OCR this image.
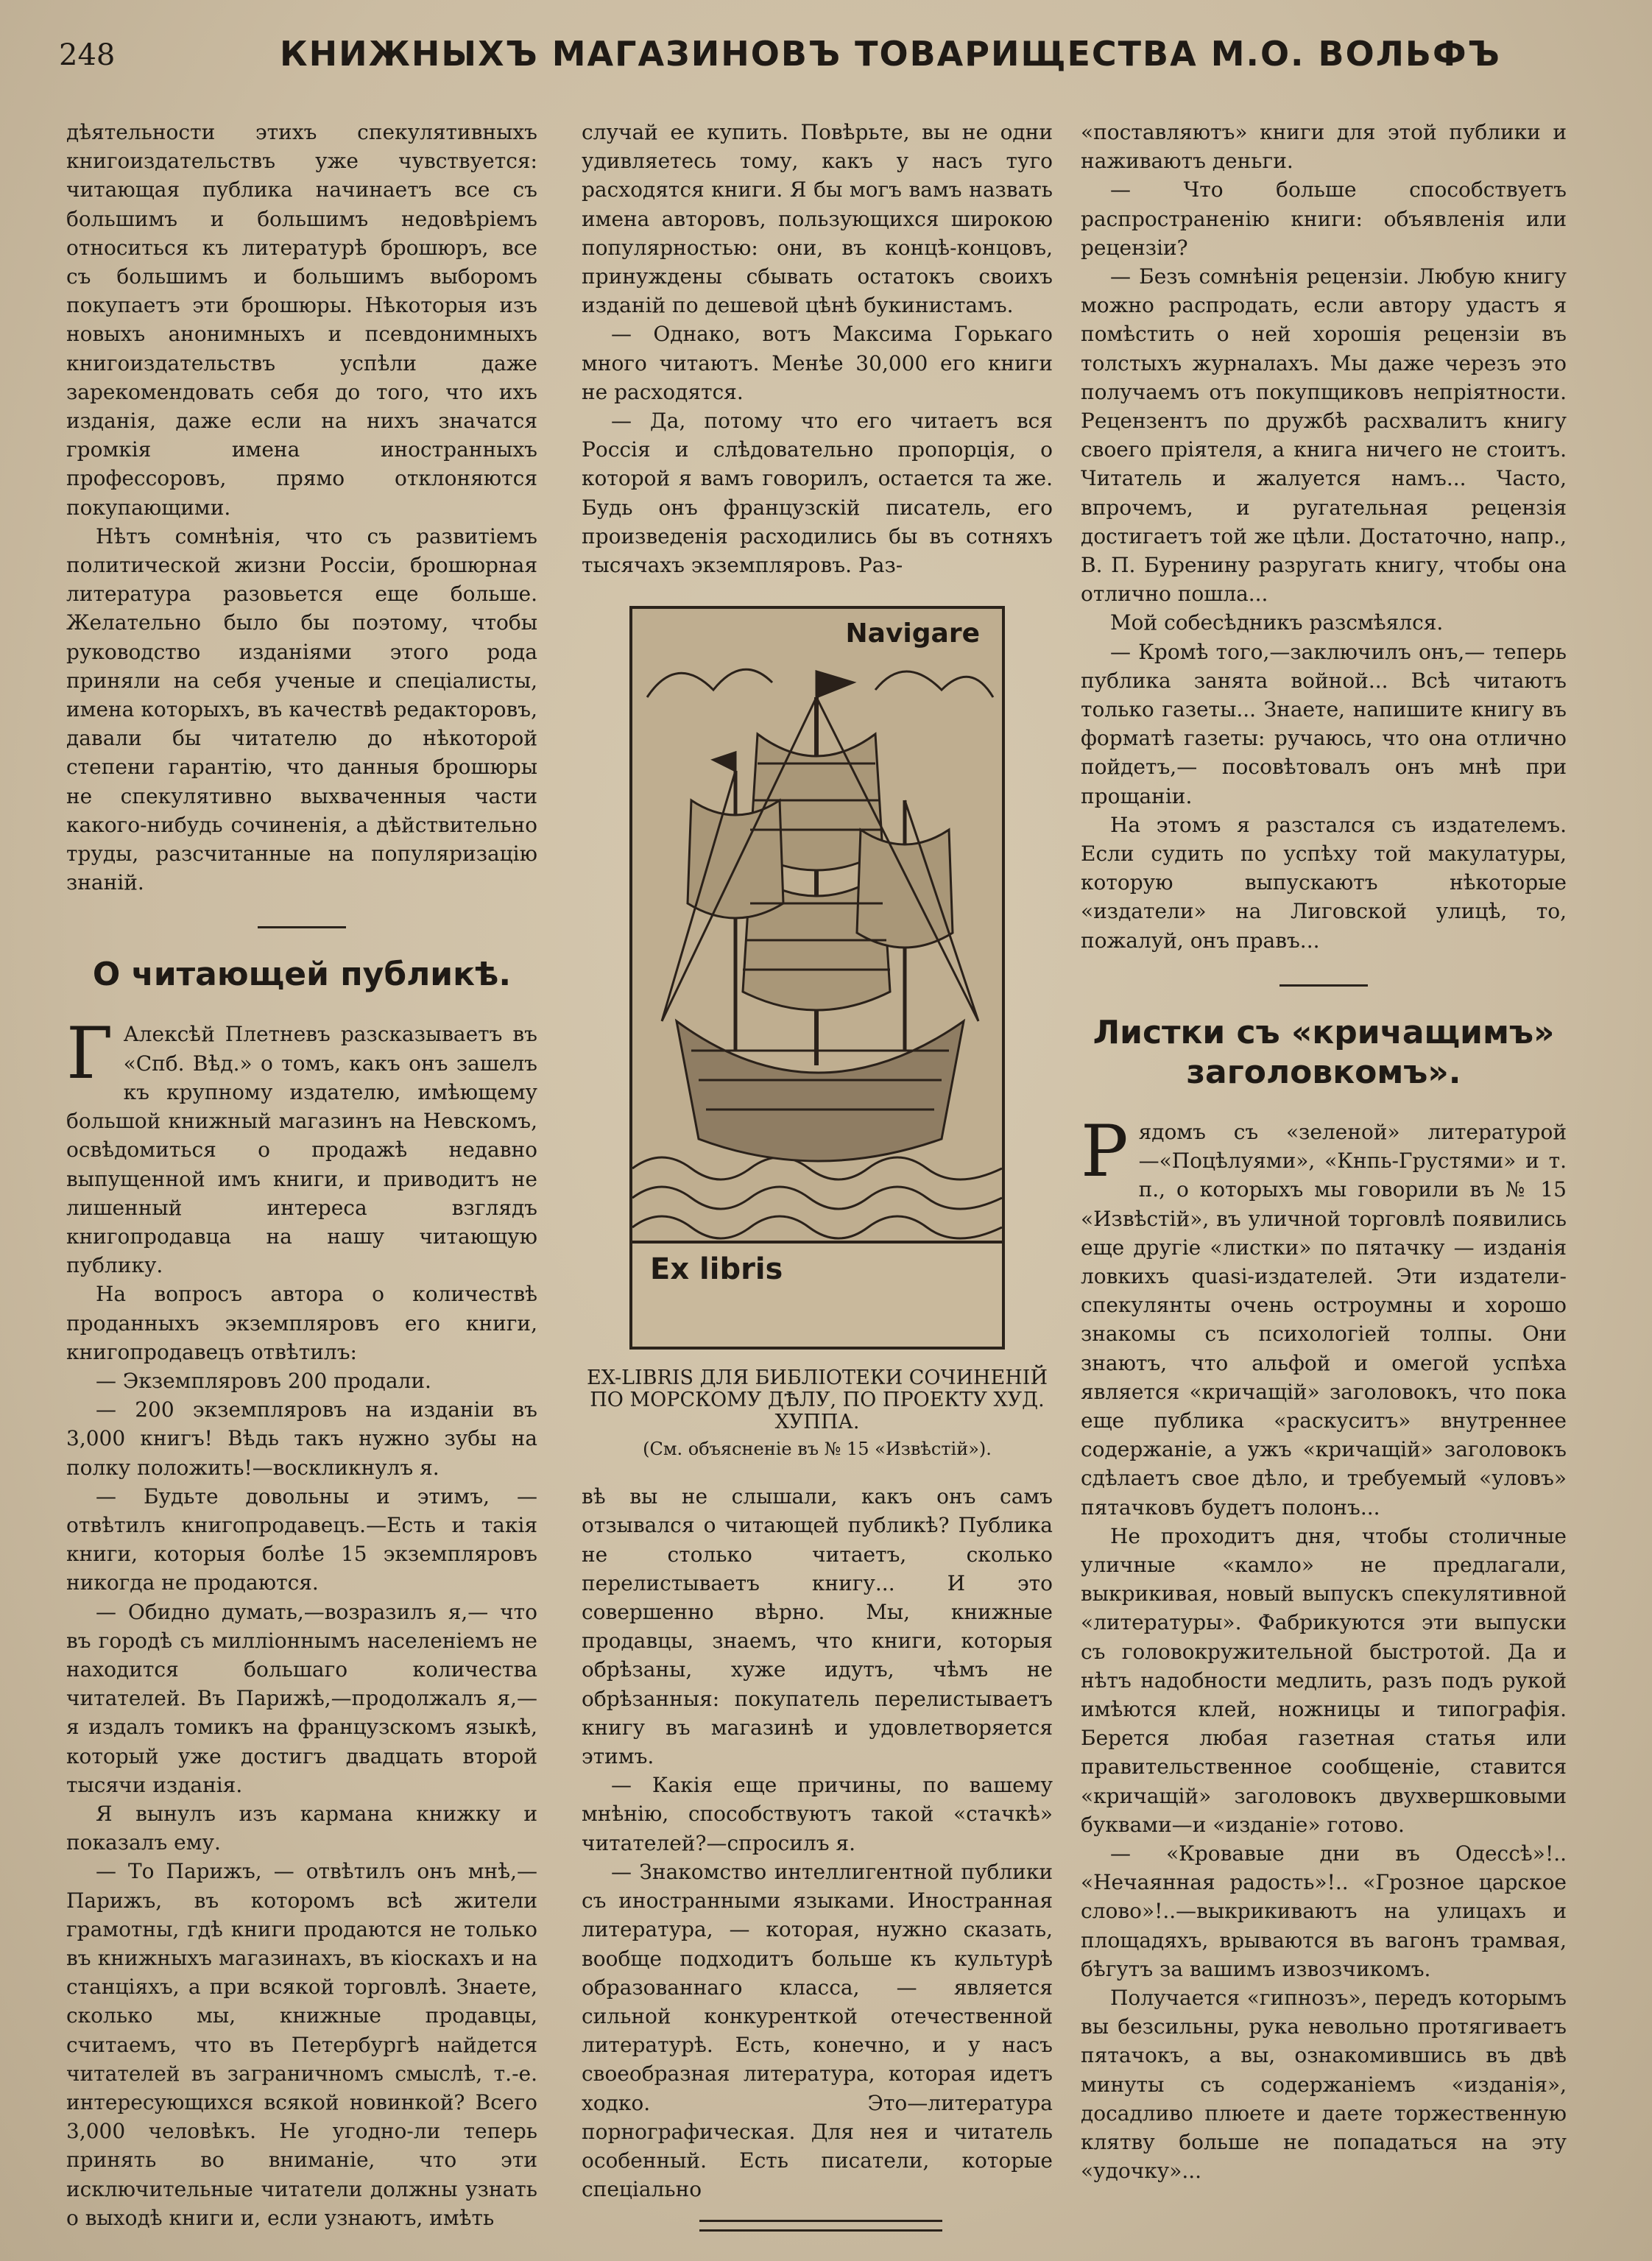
248	КНИЖНЫХЪ МАГАЗИНОВЪ ТОВАРИЩЕСТВА М.О. ВОЛЬФЪ

дѣятельности этихъ спекулятивныхъ книгоиздательствъ уже чувствуется: читающая публика начинаетъ все съ большимъ и большимъ недовѣріемъ относиться къ литературѣ брошюръ, все съ большимъ и большимъ выборомъ покупаетъ эти брошюры. Нѣкоторыя изъ новыхъ анонимныхъ и псевдонимныхъ книгоиздательствъ успѣли даже зарекомендовать себя до того, что ихъ изданія, даже если на нихъ значатся громкія имена иностранныхъ профессоровъ, прямо отклоняются покупающими.

Нѣтъ сомнѣнія, что съ развитіемъ политической жизни Россіи, брошюрная литература разовьется еще больше. Желательно было бы поэтому, чтобы руководство изданіями этого рода приняли на себя ученые и спеціалисты, имена которыхъ, въ качествѣ редакторовъ, давали бы читателю до нѣкоторой степени гарантію, что данныя брошюры не спекулятивно выхваченныя части какого-нибудь сочиненія, а дѣйствительно труды, разсчитанные на популяризацію знаній.

О читающей публикѣ.

Г Алексѣй Плетневъ разсказываетъ въ «Спб. Вѣд.» о томъ, какъ онъ зашелъ къ крупному издателю, имѣющему большой книжный магазинъ на Невскомъ, освѣдомиться о продажѣ недавно выпущенной имъ книги, и приводитъ не лишенный интереса взглядъ книгопродавца на нашу читающую публику.

На вопросъ автора о количествѣ проданныхъ экземпляровъ его книги, книгопродавецъ отвѣтилъ:

— Экземпляровъ 200 продали.

— 200 экземпляровъ на изданіи въ 3,000 книгъ! Вѣдь такъ нужно зубы на полку положить!—воскликнулъ я.

— Будьте довольны и этимъ, — отвѣтилъ книгопродавецъ.—Есть и такія книги, которыя болѣе 15 экземпляровъ никогда не продаются.

— Обидно думать,—возразилъ я,— что въ городѣ съ милліоннымъ населеніемъ не находится большаго количества читателей. Въ Парижѣ,—продолжалъ я,—я издалъ томикъ на французскомъ языкѣ, который уже достигъ двадцать второй тысячи изданія.

Я вынулъ изъ кармана книжку и показалъ ему.

— То Парижъ, — отвѣтилъ онъ мнѣ,—Парижъ, въ которомъ всѣ жители грамотны, гдѣ книги продаются не только въ книжныхъ магазинахъ, въ кіоскахъ и на станціяхъ, а при всякой торговлѣ. Знаете, сколько мы, книжные продавцы, считаемъ, что въ Петербургѣ найдется читателей въ заграничномъ смыслѣ, т.-е. интересующихся всякой новинкой? Всего 3,000 человѣкъ. Не угодно-ли теперь принять во вниманіе, что эти исключительные читатели должны узнать о выходѣ книги и, если узнаютъ, имѣть

случай ее купить. Повѣрьте, вы не одни удивляетесь тому, какъ у насъ туго расходятся книги. Я бы могъ вамъ назвать имена авторовъ, пользующихся широкою популярностью: они, въ концѣ-концовъ, принуждены сбывать остатокъ своихъ изданій по дешевой цѣнѣ букинистамъ.

— Однако, вотъ Максима Горькаго много читаютъ. Менѣе 30,000 его книги не расходятся.

— Да, потому что его читаетъ вся Россія и слѣдовательно пропорція, о которой я вамъ говорилъ, остается та же. Будь онъ французскій писатель, его произведенія расходились бы въ сотняхъ тысячахъ экземпляровъ. Раз-

Navigare
Ex libris
EX-LIBRIS ДЛЯ БИБЛІОТЕКИ СОЧИНЕНІЙ ПО МОРСКОМУ ДѢЛУ, ПО ПРОЕКТУ ХУД. ХУППА.
(См. объясненіе въ № 15 «Извѣстій»).

вѣ вы не слышали, какъ онъ самъ отзывался о читающей публикѣ? Публика не столько читаетъ, сколько перелистываетъ книгу... И это совершенно вѣрно. Мы, книжные продавцы, знаемъ, что книги, которыя обрѣзаны, хуже идутъ, чѣмъ не обрѣзанныя: покупатель перелистываетъ книгу въ магазинѣ и удовлетворяется этимъ.

— Какія еще причины, по вашему мнѣнію, способствуютъ такой «стачкѣ» читателей?—спросилъ я.

— Знакомство интеллигентной публики съ иностранными языками. Иностранная литература, — которая, нужно сказать, вообще подходитъ больше къ культурѣ образованнаго класса, — является сильной конкуренткой отечественной литературѣ. Есть, конечно, и у насъ своеобразная литература, которая идетъ ходко. Это—литература порнографическая. Для нея и читатель особенный. Есть писатели, которые спеціально

«поставляютъ» книги для этой публики и наживаютъ деньги.

— Что больше способствуетъ распространенію книги: объявленія или рецензіи?

— Безъ сомнѣнія рецензіи. Любую книгу можно распродать, если автору удастъ я помѣстить о ней хорошія рецензіи въ толстыхъ журналахъ. Мы даже черезъ это получаемъ отъ покупщиковъ непріятности. Рецензентъ по дружбѣ расхвалитъ книгу своего пріятеля, а книга ничего не стоитъ. Читатель и жалуется намъ... Часто, впрочемъ, и ругательная рецензія достигаетъ той же цѣли. Достаточно, напр., В. П. Буренину разругать книгу, чтобы она отлично пошла...

Мой собесѣдникъ разсмѣялся.

— Кромѣ того,—заключилъ онъ,— теперь публика занята войной... Всѣ читаютъ только газеты... Знаете, напишите книгу въ форматѣ газеты: ручаюсь, что она отлично пойдетъ,— посовѣтовалъ онъ мнѣ при прощаніи.

На этомъ я разстался съ издателемъ. Если судить по успѣху той макулатуры, которую выпускаютъ нѣкоторые «издатели» на Лиговской улицѣ, то, пожалуй, онъ правъ...

Листки съ «кричащимъ» заголовкомъ».

Рядомъ съ «зеленой» литературой —«Поцѣлуями», «Кнпь-Грустями» и т. п., о которыхъ мы говорили въ № 15 «Извѣстій», въ уличной торговлѣ появились еще другіе «листки» по пятачку — изданія ловкихъ quasi-издателей. Эти издатели-спекулянты очень остроумны и хорошо знакомы съ психологіей толпы. Они знаютъ, что альфой и омегой успѣха является «кричащій» заголовокъ, что пока еще публика «раскуситъ» внутреннее содержаніе, а ужъ «кричащій» заголовокъ сдѣлаетъ свое дѣло, и требуемый «уловъ» пятачковъ будетъ полонъ...

Не проходитъ дня, чтобы столичные уличные «камло» не предлагали, выкрикивая, новый выпускъ спекулятивной «литературы». Фабрикуются эти выпуски съ головокружительной быстротой. Да и нѣтъ надобности медлить, разъ подъ рукой имѣются клей, ножницы и типографія. Берется любая газетная статья или правительственное сообщеніе, ставится «кричащій» заголовокъ двухвершковыми буквами—и «изданіе» готово.

— «Кровавые дни въ Одессѣ»!.. «Нечаянная радость»!.. «Грозное царское слово»!..—выкрикиваютъ на улицахъ и площадяхъ, врываются въ вагонъ трамвая, бѣгутъ за вашимъ извозчикомъ.

Получается «гипнозъ», передъ которымъ вы безсильны, рука невольно протягиваетъ пятачокъ, а вы, ознакомившись въ двѣ минуты съ содержаніемъ «изданія», досадливо плюете и даете торжественную клятву больше не попадаться на эту «удочку»...
